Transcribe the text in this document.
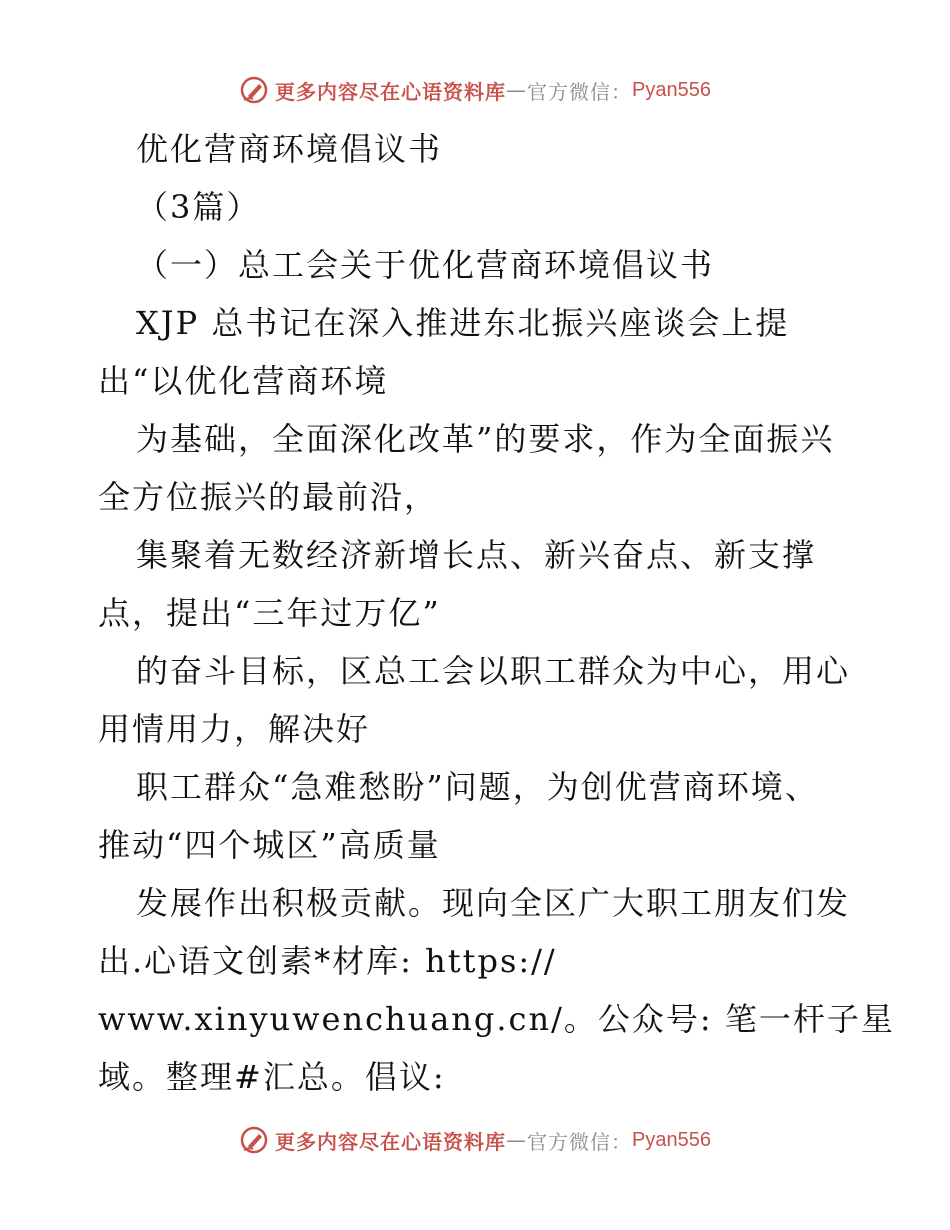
更多内容尽在心语资料库 — 官方微信： Pyan556
优化营商环境倡议书
（3篇）
（一）总工会关于优化营商环境倡议书
XJP 总书记在深入推进东北振兴座谈会上提
出“以优化营商环境
为基础，全面深化改革”的要求，作为全面振兴
全方位振兴的最前沿，
集聚着无数经济新增长点、新兴奋点、新支撑
点，提出“三年过万亿”
的奋斗目标，区总工会以职工群众为中心，用心
用情用力，解决好
职工群众“急难愁盼”问题，为创优营商环境、
推动“四个城区”高质量
发展作出积极贡献。现向全区广大职工朋友们发
出.心语文创素*材库: https://
www.xinyuwenchuang.cn/。公众号: 笔一杆子星
域。整理#汇总。倡议:
更多内容尽在心语资料库 — 官方微信： Pyan556
